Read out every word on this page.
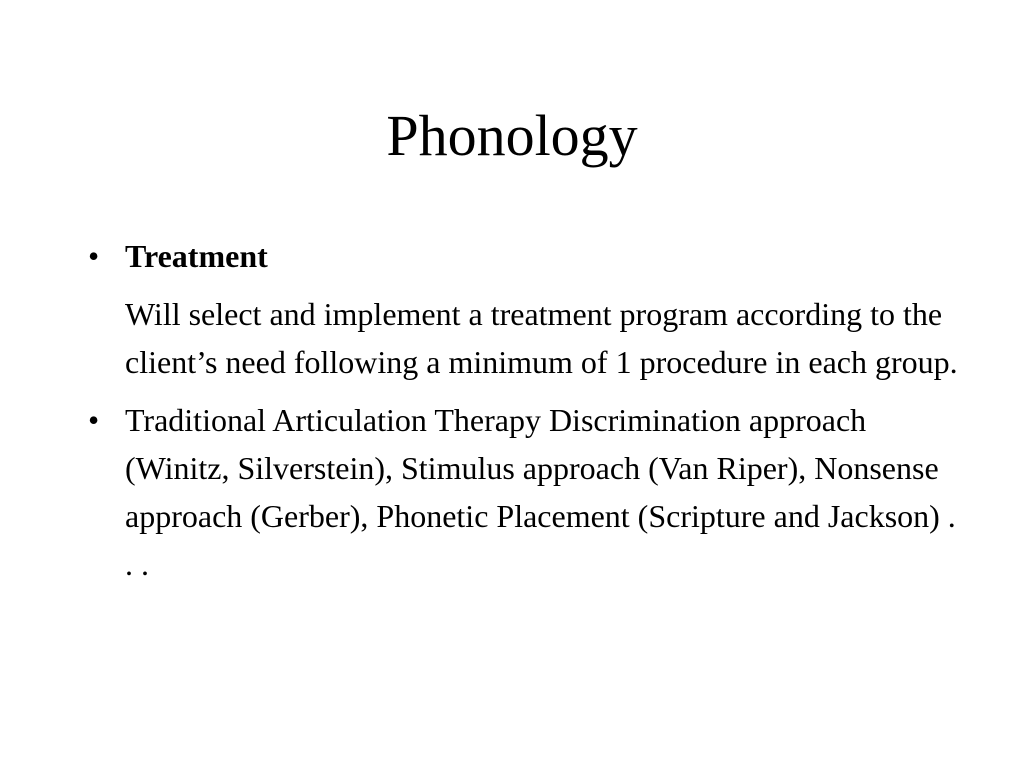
Phonology
• Treatment
Will select and implement a treatment program according to the client’s need following a minimum of 1 procedure in each group.
• Traditional Articulation Therapy Discrimination approach (Winitz, Silverstein), Stimulus approach (Van Riper), Nonsense approach (Gerber), Phonetic Placement (Scripture and Jackson) . . .
